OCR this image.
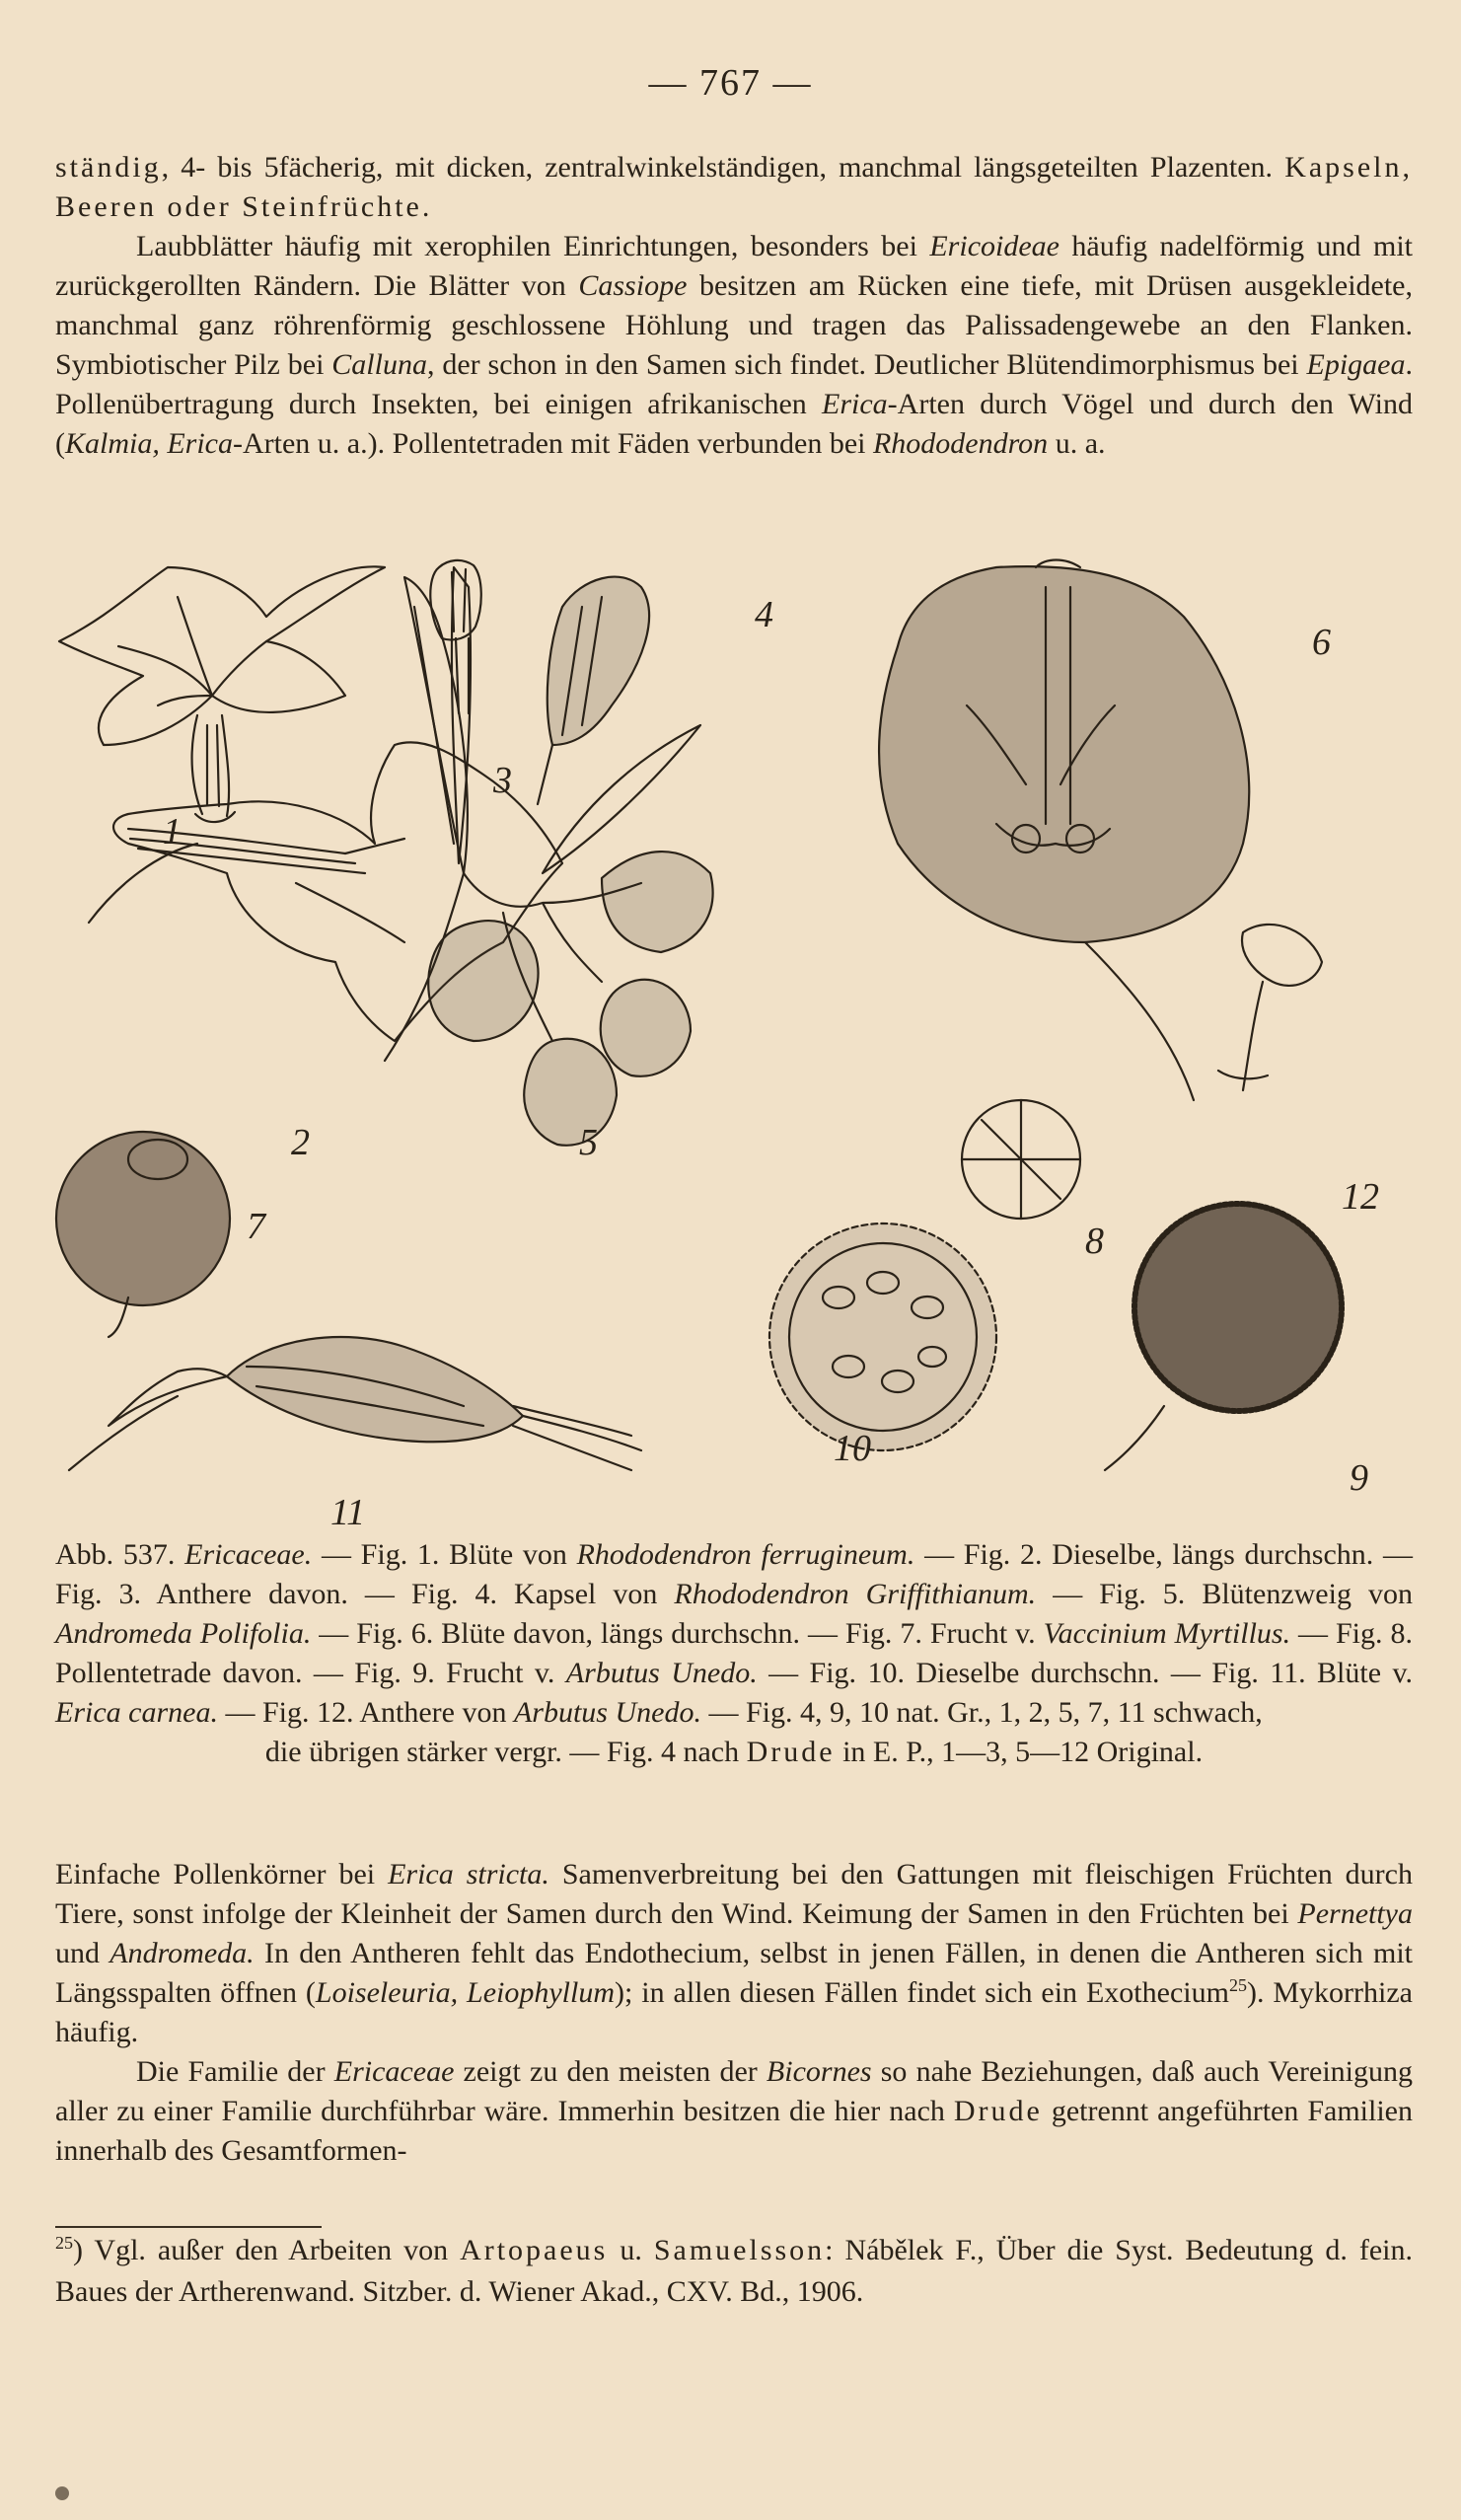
— 767 —

ständig, 4- bis 5fächerig, mit dicken, zentralwinkelständigen, manchmal längsgeteilten Plazenten. Kapseln, Beeren oder Steinfrüchte.

Laubblätter häufig mit xerophilen Einrichtungen, besonders bei Ericoideae häufig nadelförmig und mit zurückgerollten Rändern. Die Blätter von Cassiope besitzen am Rücken eine tiefe, mit Drüsen ausgekleidete, manchmal ganz röhrenförmig geschlossene Höhlung und tragen das Palissadengewebe an den Flanken. Symbiotischer Pilz bei Calluna, der schon in den Samen sich findet. Deutlicher Blütendimorphismus bei Epigaea. Pollenübertragung durch Insekten, bei einigen afrikanischen Erica-Arten durch Vögel und durch den Wind (Kalmia, Erica-Arten u. a.). Pollentetraden mit Fäden verbunden bei Rhododendron u. a.

1
2
3
4
5
6
7	8
9
10
11
12
Abb. 537. Ericaceae. — Fig. 1. Blüte von Rhododendron ferrugineum. — Fig. 2. Dieselbe, längs durchschn. — Fig. 3. Anthere davon. — Fig. 4. Kapsel von Rhododendron Griffithianum. — Fig. 5. Blütenzweig von Andromeda Polifolia. — Fig. 6. Blüte davon, längs durchschn. — Fig. 7. Frucht v. Vaccinium Myrtillus. — Fig. 8. Pollentetrade davon. — Fig. 9. Frucht v. Arbutus Unedo. — Fig. 10. Dieselbe durchschn. — Fig. 11. Blüte v. Erica carnea. — Fig. 12. Anthere von Arbutus Unedo. — Fig. 4, 9, 10 nat. Gr., 1, 2, 5, 7, 11 schwach,
die übrigen stärker vergr. — Fig. 4 nach Drude in E. P., 1—3, 5—12 Original.

Einfache Pollenkörner bei Erica stricta. Samenverbreitung bei den Gattungen mit fleischigen Früchten durch Tiere, sonst infolge der Kleinheit der Samen durch den Wind. Keimung der Samen in den Früchten bei Pernettya und Andromeda. In den Antheren fehlt das Endothecium, selbst in jenen Fällen, in denen die Antheren sich mit Längsspalten öffnen (Loiseleuria, Leiophyllum); in allen diesen Fällen findet sich ein Exothecium$^{25}$). Mykorrhiza häufig.

Die Familie der Ericaceae zeigt zu den meisten der Bicornes so nahe Beziehungen, daß auch Vereinigung aller zu einer Familie durchführbar wäre. Immerhin besitzen die hier nach Drude getrennt angeführten Familien innerhalb des Gesamtformen-

$^{25}$) Vgl. außer den Arbeiten von Artopaeus u. Samuelsson: Nábělek F., Über die Syst. Bedeutung d. fein. Baues der Artherenwand. Sitzber. d. Wiener Akad., CXV. Bd., 1906.
